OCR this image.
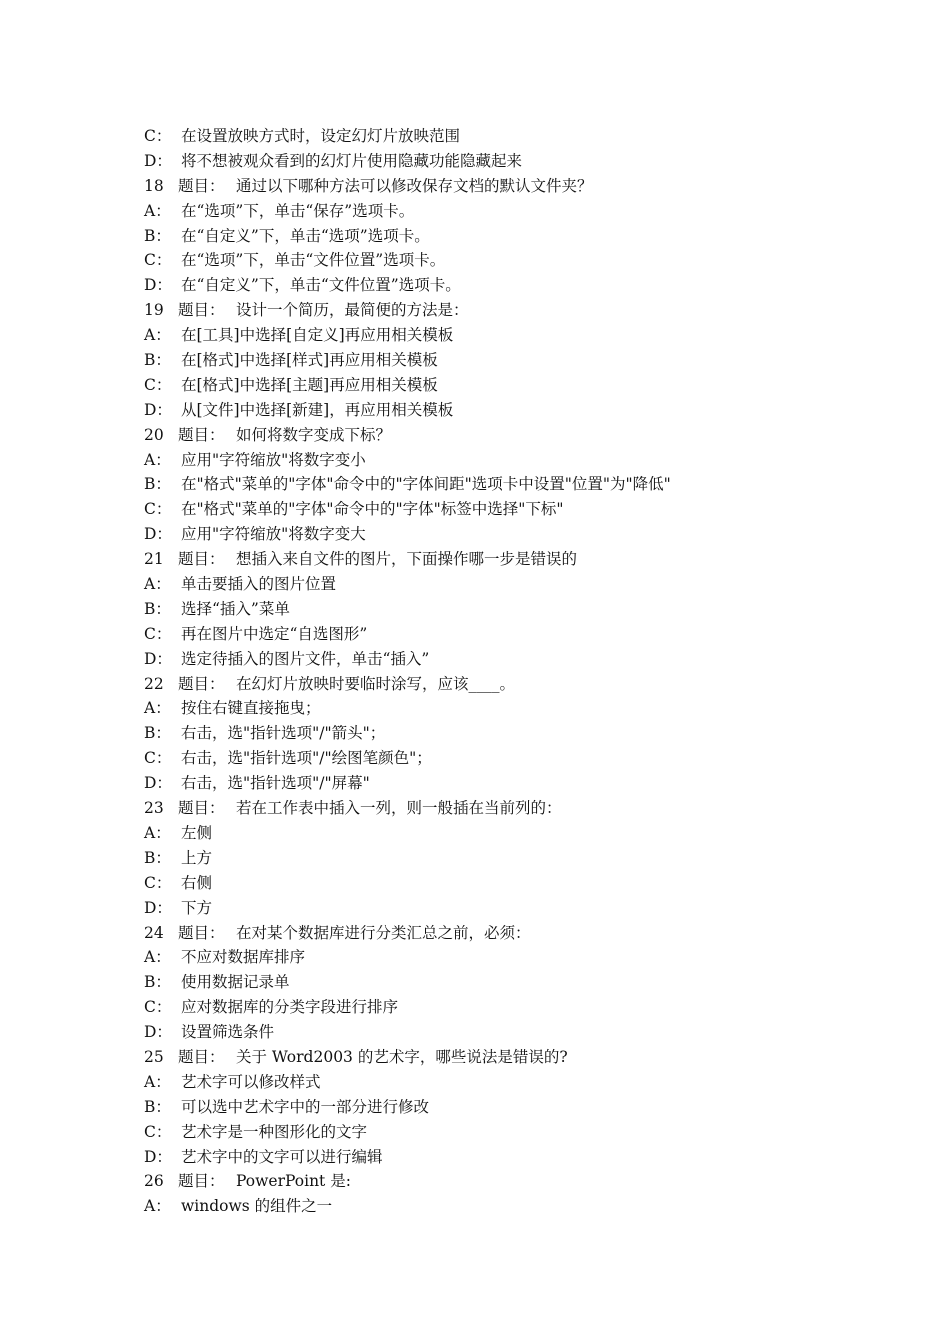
C： 在设置放映方式时，设定幻灯片放映范围
D： 将不想被观众看到的幻灯片使用隐藏功能隐藏起来
18 题目： 通过以下哪种方法可以修改保存文档的默认文件夹？
A： 在“选项”下，单击“保存”选项卡。
B： 在“自定义”下，单击“选项”选项卡。
C： 在“选项”下，单击“文件位置”选项卡。
D： 在“自定义”下，单击“文件位置”选项卡。
19 题目： 设计一个简历，最简便的方法是：
A： 在[工具]中选择[自定义]再应用相关模板
B： 在[格式]中选择[样式]再应用相关模板
C： 在[格式]中选择[主题]再应用相关模板
D： 从[文件]中选择[新建]，再应用相关模板
20 题目： 如何将数字变成下标？
A： 应用"字符缩放"将数字变小
B： 在"格式"菜单的"字体"命令中的"字体间距"选项卡中设置"位置"为"降低"
C： 在"格式"菜单的"字体"命令中的"字体"标签中选择"下标"
D： 应用"字符缩放"将数字变大
21 题目： 想插入来自文件的图片，下面操作哪一步是错误的
A： 单击要插入的图片位置
B： 选择“插入”菜单
C： 再在图片中选定“自选图形”
D： 选定待插入的图片文件，单击“插入”
22 题目： 在幻灯片放映时要临时涂写，应该____。
A： 按住右键直接拖曳；
B： 右击，选"指针选项"/"箭头"；
C： 右击，选"指针选项"/"绘图笔颜色"；
D： 右击，选"指针选项"/"屏幕"
23 题目： 若在工作表中插入一列，则一般插在当前列的：
A： 左侧
B： 上方
C： 右侧
D： 下方
24 题目： 在对某个数据库进行分类汇总之前，必须：
A： 不应对数据库排序
B： 使用数据记录单
C： 应对数据库的分类字段进行排序
D： 设置筛选条件
25 题目： 关于 Word2003 的艺术字，哪些说法是错误的?
A： 艺术字可以修改样式
B： 可以选中艺术字中的一部分进行修改
C： 艺术字是一种图形化的文字
D： 艺术字中的文字可以进行编辑
26 题目： PowerPoint 是:
A： windows 的组件之一
